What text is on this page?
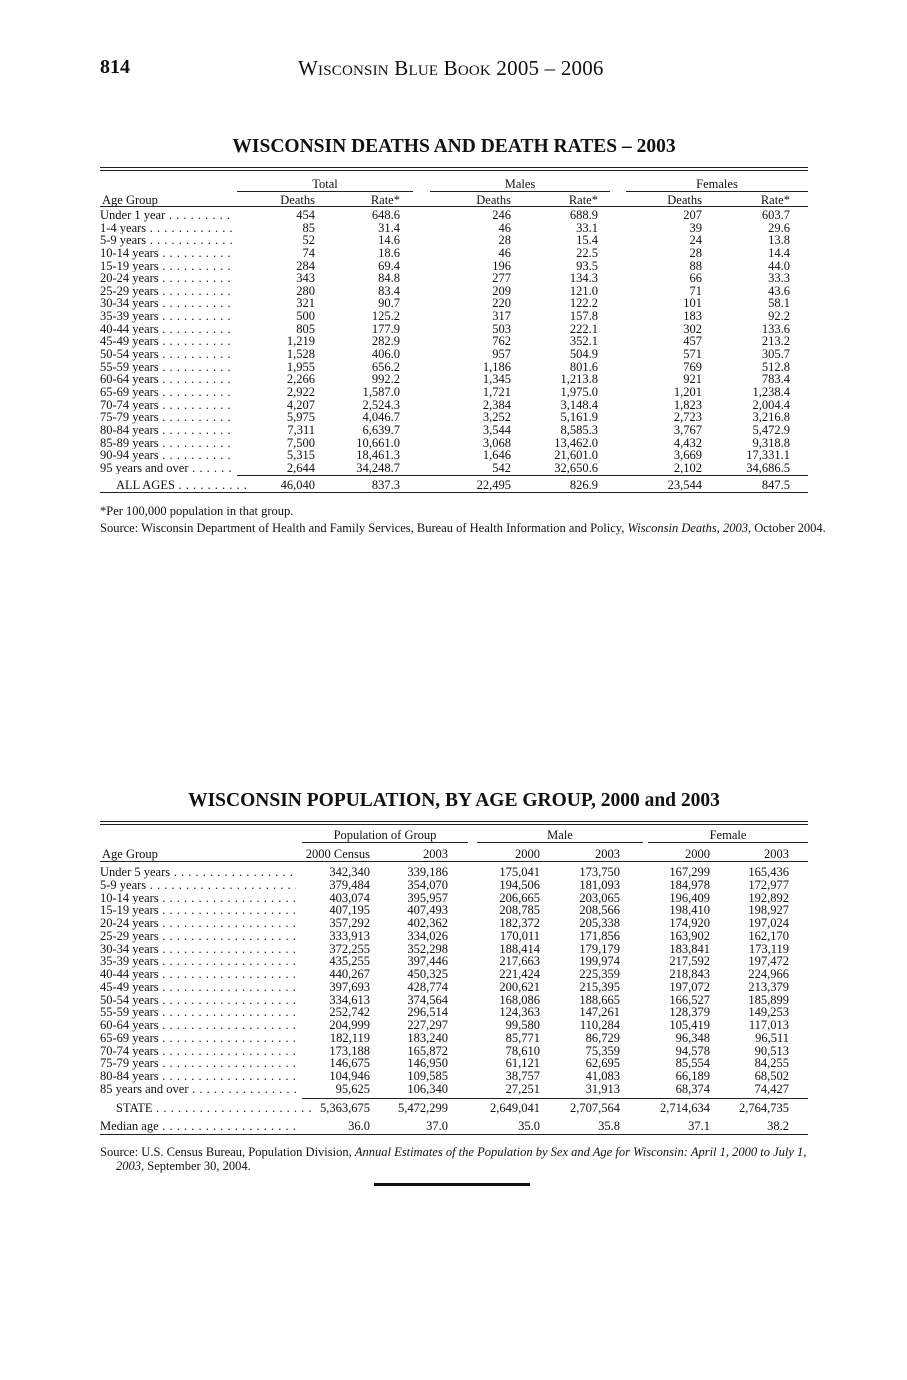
814	Wisconsin Blue Book 2005 – 2006
WISCONSIN DEATHS AND DEATH RATES – 2003
Total	Males	Females
Age Group	Deaths	Rate*	Deaths	Rate*	Deaths	Rate*
Under 1 year . . .	454	648.6	246	688.9	207	603.7
1-4 years . . .	85	31.4	46	33.1	39	29.6
5-9 years . . .	52	14.6	28	15.4	24	13.8
10-14 years . . .	74	18.6	46	22.5	28	14.4
15-19 years . . .	284	69.4	196	93.5	88	44.0
20-24 years . . .	343	84.8	277	134.3	66	33.3
25-29 years . . .	280	83.4	209	121.0	71	43.6
30-34 years . . .	321	90.7	220	122.2	101	58.1
35-39 years . . .	500	125.2	317	157.8	183	92.2
40-44 years . . .	805	177.9	503	222.1	302	133.6
45-49 years . . .	1,219	282.9	762	352.1	457	213.2
50-54 years . . .	1,528	406.0	957	504.9	571	305.7
55-59 years . . .	1,955	656.2	1,186	801.6	769	512.8
60-64 years . . .	2,266	992.2	1,345	1,213.8	921	783.4
65-69 years . . .	2,922	1,587.0	1,721	1,975.0	1,201	1,238.4
70-74 years . . .	4,207	2,524.3	2,384	3,148.4	1,823	2,004.4
75-79 years . . .	5,975	4,046.7	3,252	5,161.9	2,723	3,216.8
80-84 years . . .	7,311	6,639.7	3,544	8,585.3	3,767	5,472.9
85-89 years . . .	7,500	10,661.0	3,068	13,462.0	4,432	9,318.8
90-94 years . . .	5,315	18,461.3	1,646	21,601.0	3,669	17,331.1
95 years and over . . .	2,644	34,248.7	542	32,650.6	2,102	34,686.5
ALL AGES . . .	46,040	837.3	22,495	826.9	23,544	847.5
*Per 100,000 population in that group.
Source: Wisconsin Department of Health and Family Services, Bureau of Health Information and Policy, Wisconsin Deaths, 2003, October 2004.
WISCONSIN POPULATION, BY AGE GROUP, 2000 and 2003
Population of Group	Male	Female
Age Group	2000 Census	2003	2000	2003	2000	2003
Under 5 years . . .	342,340	339,186	175,041	173,750	167,299	165,436
5-9 years . . .	379,484	354,070	194,506	181,093	184,978	172,977
10-14 years . . .	403,074	395,957	206,665	203,065	196,409	192,892
15-19 years . . .	407,195	407,493	208,785	208,566	198,410	198,927
20-24 years . . .	357,292	402,362	182,372	205,338	174,920	197,024
25-29 years . . .	333,913	334,026	170,011	171,856	163,902	162,170
30-34 years . . .	372,255	352,298	188,414	179,179	183,841	173,119
35-39 years . . .	435,255	397,446	217,663	199,974	217,592	197,472
40-44 years . . .	440,267	450,325	221,424	225,359	218,843	224,966
45-49 years . . .	397,693	428,774	200,621	215,395	197,072	213,379
50-54 years . . .	334,613	374,564	168,086	188,665	166,527	185,899
55-59 years . . .	252,742	296,514	124,363	147,261	128,379	149,253
60-64 years . . .	204,999	227,297	99,580	110,284	105,419	117,013
65-69 years . . .	182,119	183,240	85,771	86,729	96,348	96,511
70-74 years . . .	173,188	165,872	78,610	75,359	94,578	90,513
75-79 years . . .	146,675	146,950	61,121	62,695	85,554	84,255
80-84 years . . .	104,946	109,585	38,757	41,083	66,189	68,502
85 years and over . . .	95,625	106,340	27,251	31,913	68,374	74,427
STATE . . .	5,363,675	5,472,299	2,649,041	2,707,564	2,714,634	2,764,735
Median age . . .	36.0	37.0	35.0	35.8	37.1	38.2
Source: U.S. Census Bureau, Population Division, Annual Estimates of the Population by Sex and Age for Wisconsin: April 1, 2000 to July 1, 2003, September 30, 2004.
